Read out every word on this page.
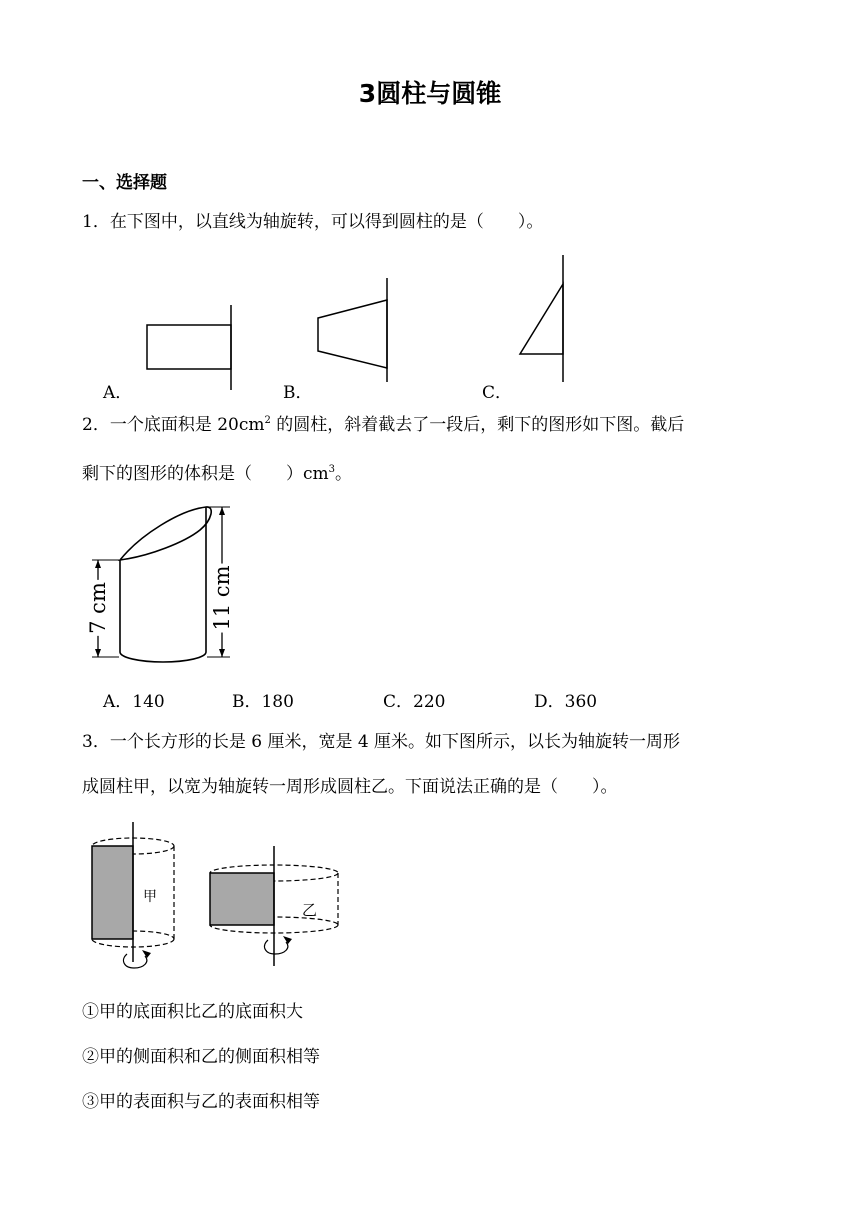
3圆柱与圆锥
一、选择题
1．在下图中，以直线为轴旋转，可以得到圆柱的是（　　）。
A．	B．	C．
2．一个底面积是 $20cm^2$ 的圆柱，斜着截去了一段后，剩下的图形如下图。截后
剩下的图形的体积是（　　）$cm^3$。
7 cm	11 cm
A．140	B．180	C．220	D．360
3．一个长方形的长是 6 厘米，宽是 4 厘米。如下图所示，以长为轴旋转一周形
成圆柱甲，以宽为轴旋转一周形成圆柱乙。下面说法正确的是（　　）。
甲
乙
①甲的底面积比乙的底面积大
②甲的侧面积和乙的侧面积相等
③甲的表面积与乙的表面积相等
